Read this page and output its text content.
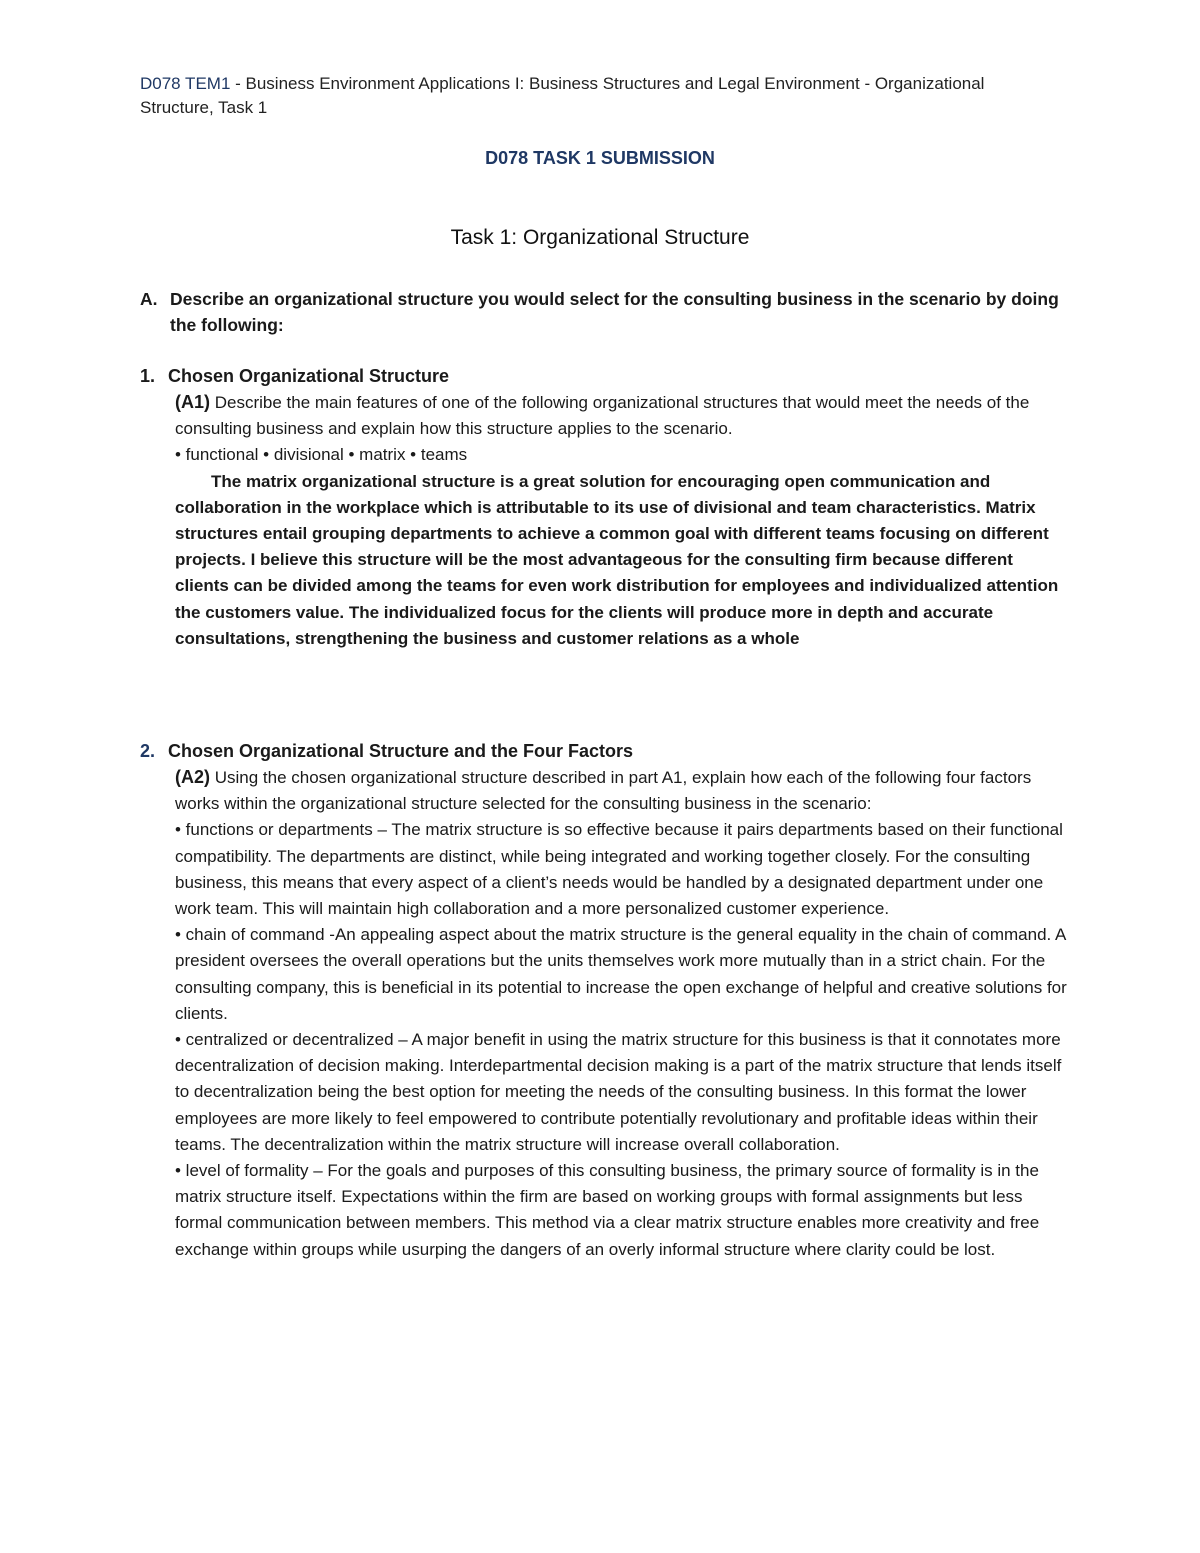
D078 TEM1 - Business Environment Applications I: Business Structures and Legal Environment - Organizational Structure, Task 1
D078 TASK 1 SUBMISSION
Task 1: Organizational Structure
A. Describe an organizational structure you would select for the consulting business in the scenario by doing the following:
1. Chosen Organizational Structure

(A1) Describe the main features of one of the following organizational structures that would meet the needs of the consulting business and explain how this structure applies to the scenario.

• functional • divisional • matrix • teams

The matrix organizational structure is a great solution for encouraging open communication and collaboration in the workplace which is attributable to its use of divisional and team characteristics. Matrix structures entail grouping departments to achieve a common goal with different teams focusing on different projects. I believe this structure will be the most advantageous for the consulting firm because different clients can be divided among the teams for even work distribution for employees and individualized attention the customers value. The individualized focus for the clients will produce more in depth and accurate consultations, strengthening the business and customer relations as a whole

2. Chosen Organizational Structure and the Four Factors

(A2) Using the chosen organizational structure described in part A1, explain how each of the following four factors works within the organizational structure selected for the consulting business in the scenario:

• functions or departments – The matrix structure is so effective because it pairs departments based on their functional compatibility. The departments are distinct, while being integrated and working together closely. For the consulting business, this means that every aspect of a client’s needs would be handled by a designated department under one work team. This will maintain high collaboration and a more personalized customer experience.

• chain of command -An appealing aspect about the matrix structure is the general equality in the chain of command. A president oversees the overall operations but the units themselves work more mutually than in a strict chain. For the consulting company, this is beneficial in its potential to increase the open exchange of helpful and creative solutions for clients.

• centralized or decentralized – A major benefit in using the matrix structure for this business is that it connotates more decentralization of decision making. Interdepartmental decision making is a part of the matrix structure that lends itself to decentralization being the best option for meeting the needs of the consulting business. In this format the lower employees are more likely to feel empowered to contribute potentially revolutionary and profitable ideas within their teams. The decentralization within the matrix structure will increase overall collaboration.

• level of formality – For the goals and purposes of this consulting business, the primary source of formality is in the matrix structure itself. Expectations within the firm are based on working groups with formal assignments but less formal communication between members. This method via a clear matrix structure enables more creativity and free exchange within groups while usurping the dangers of an overly informal structure where clarity could be lost.
